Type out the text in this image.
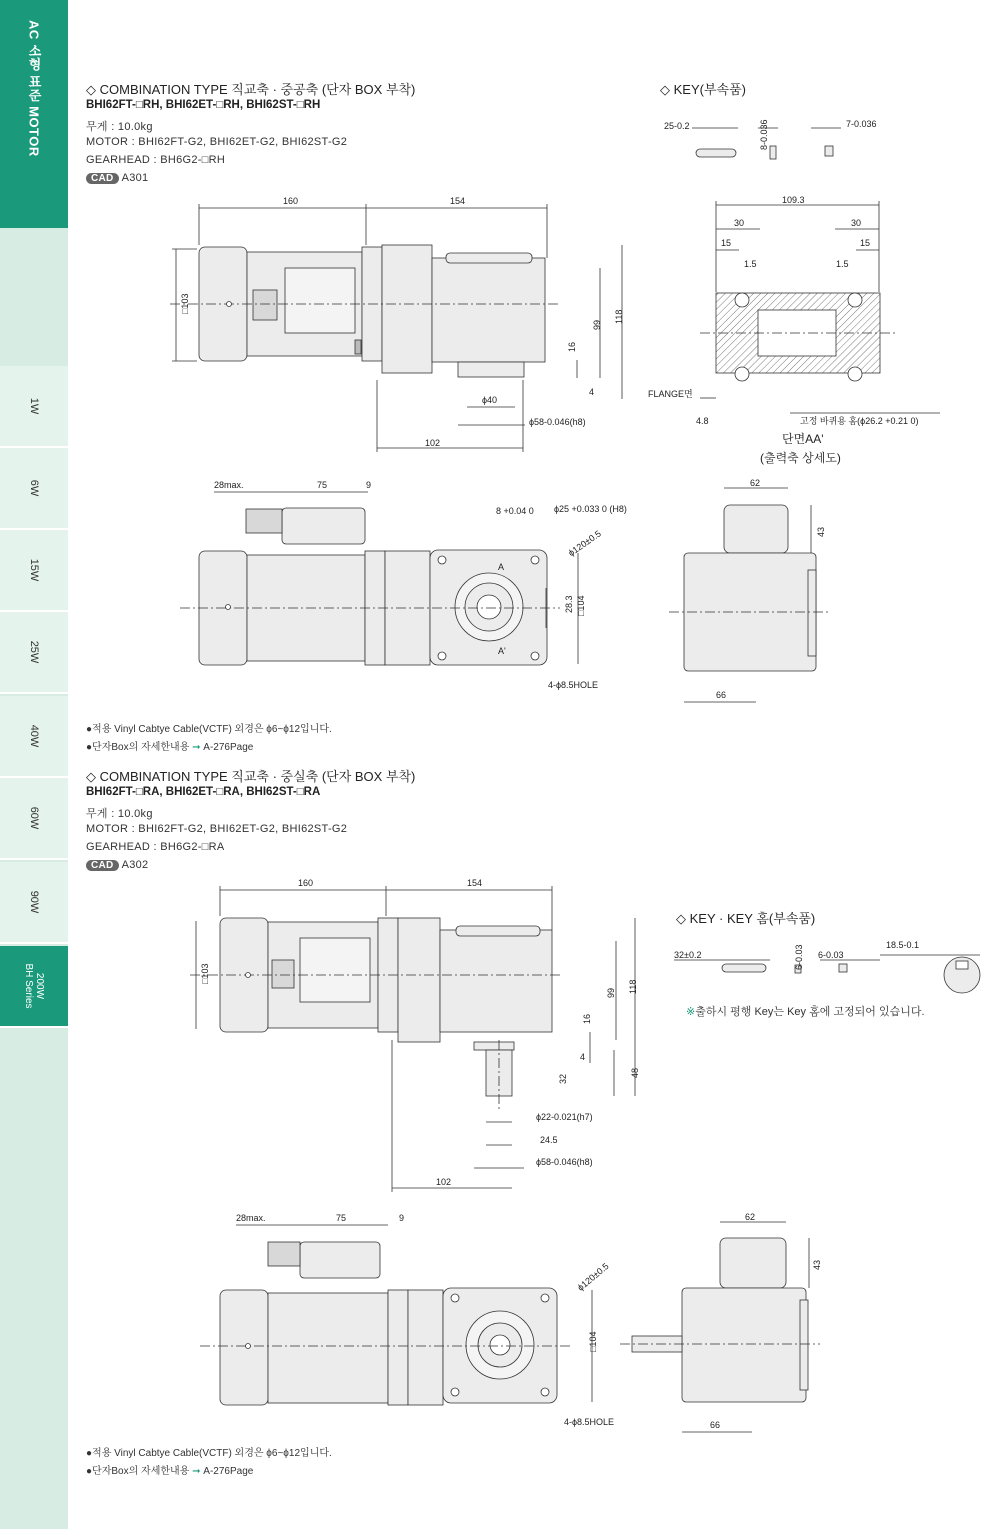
AC 소형 표준 MOTOR
1W
6W
15W
25W
40W
60W
90W
200W
BH Series
◇ COMBINATION TYPE 직교축 · 중공축 (단자 BOX 부착)
BHI62FT-□RH, BHI62ET-□RH, BHI62ST-□RH
무게 : 10.0kg
MOTOR : BHI62FT-G2, BHI62ET-G2, BHI62ST-G2
GEARHEAD : BH6G2-□RH
CAD A301
◇ KEY(부속품)
●적용 Vinyl Cabtye Cable(VCTF) 외경은 ϕ6~ϕ12입니다.
●단자Box의 자세한내용 ➞ A-276Page
◇ COMBINATION TYPE 직교축 · 중실축 (단자 BOX 부착)
BHI62FT-□RA, BHI62ET-□RA, BHI62ST-□RA
무게 : 10.0kg
MOTOR : BHI62FT-G2, BHI62ET-G2, BHI62ST-G2
GEARHEAD : BH6G2-□RA
CAD A302
◇ KEY · KEY 홈(부속품)
※출하시 평행 Key는 Key 홈에 고정되어 있습니다.
●적용 Vinyl Cabtye Cable(VCTF) 외경은 ϕ6~ϕ12입니다.
●단자Box의 자세한내용 ➞ A-276Page
160	154
□103
99
118
16
4
ϕ40
ϕ58-0.046(h8)
102
25-0.2	8-0.036	7-0.036
109.3
30	30
15	15
1.5	1.5
FLANGE면
4.8	고정 바퀴용 홈(ϕ26.2 +0.21 0)
단면AA'
(출력축 상세도)
28max.	75	9
8 +0.04 0 ϕ25 +0.033 0 (H8)
ϕ120±0.5
A
A'
28.3 □104
4-ϕ8.5HOLE
62
43
66
160	154
□103
99 118
16
4
32
48
ϕ22-0.021(h7)
24.5
ϕ58-0.046(h8)
102
32±0.2	6-0.03 6-0.03
18.5-0.1
28max.	75	9
ϕ120±0.5
□104
4-ϕ8.5HOLE
62
43
66
